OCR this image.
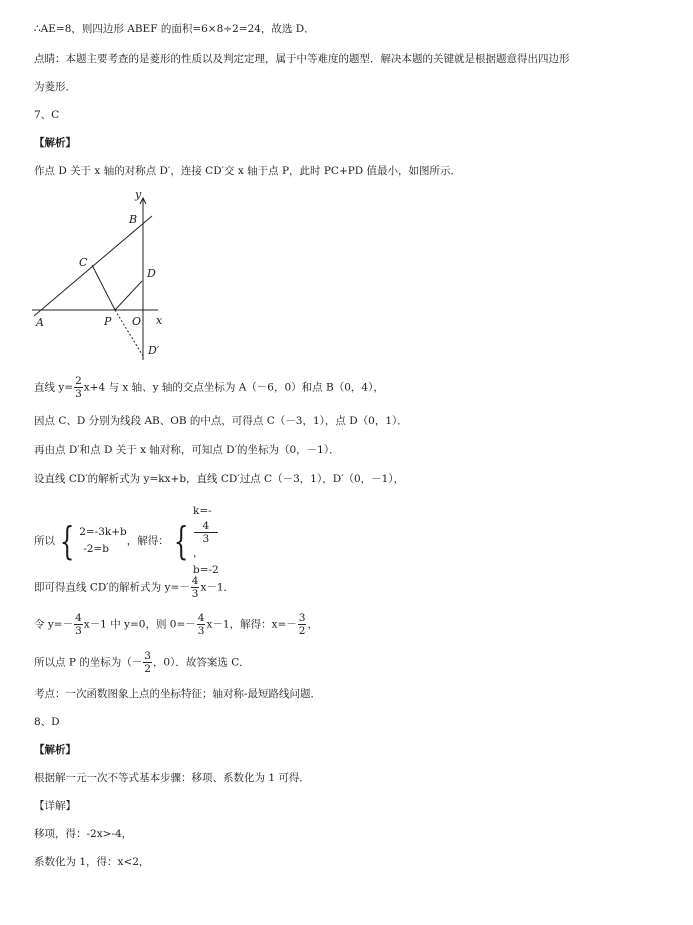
∴AE=8，则四边形 ABEF 的面积=6×8÷2=24，故选 D．
点睛：本题主要考查的是菱形的性质以及判定定理，属于中等难度的题型．解决本题的关键就是根据题意得出四边形
为菱形．
7、C
【解析】
作点 D 关于 x 轴的对称点 D′，连接 CD′交 x 轴于点 P，此时 PC+PD 值最小，如图所示．
y
B
C
D
A	P O x
D′
直线 $y= \frac{2}{3} x+4$ 与 x 轴、y 轴的交点坐标为 A（－6，0）和点 B（0，4），
因点 C、D 分别为线段 AB、OB 的中点，可得点 C（－3，1），点 D（0，1）．
再由点 D′和点 D 关于 x 轴对称，可知点 D′的坐标为（0，－1）．
设直线 CD′的解析式为 y=kx+b，直线 CD′过点 C（－3，1），D′（0，－1），
所以 { 2=-3k+b
-2=b
，解得： {
k=-
4
3
，
b=-2
即可得直线 CD′的解析式为 $y=- \frac{4}{3} x-1$．
令 $y=- \frac{4}{3} x-1$ 中 y=0，则 $0=- \frac{4}{3} x-1$，解得：$x=- \frac{3}{2}$ ，
所以点 P 的坐标为（－ $\frac{3}{2}$ ，0）．故答案选 C．
考点：一次函数图象上点的坐标特征；轴对称-最短路线问题．
8、D
【解析】
根据解一元一次不等式基本步骤：移项、系数化为 1 可得．
【详解】
移项，得：-2x>-4，
系数化为 1，得：x<2，
